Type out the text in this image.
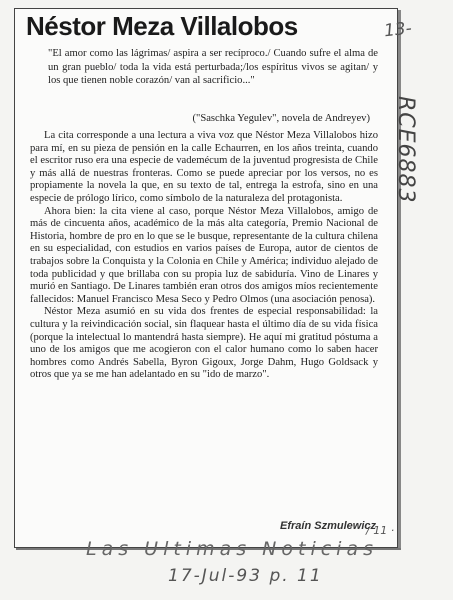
Néstor Meza Villalobos

"El amor como las lágrimas/ aspira a ser recíproco./ Cuando sufre el alma de un gran pueblo/ toda la vida está perturbada;/los espíritus vivos se agitan/ y los que tienen noble corazón/ van al sacrificio..."

("Saschka Yegulev", novela de Andreyev)

La cita corresponde a una lectura a viva voz que Néstor Meza Villalobos hizo para mí, en su pieza de pensión en la calle Echaurren, en los años treinta, cuando el escritor ruso era una especie de vademécum de la juventud progresista de Chile y más allá de nuestras fronteras. Como se puede apreciar por los versos, no es propiamente la novela la que, en su texto de tal, entrega la estrofa, sino en una especie de prólogo lírico, como símbolo de la naturaleza del protagonista.

Ahora bien: la cita viene al caso, porque Néstor Meza Villalobos, amigo de más de cincuenta años, académico de la más alta categoría, Premio Nacional de Historia, hombre de pro en lo que se le busque, representante de la cultura chilena en su especialidad, con estudios en varios países de Europa, autor de cientos de trabajos sobre la Conquista y la Colonia en Chile y América; individuo alejado de toda publicidad y que brillaba con su propia luz de sabiduría. Vino de Linares y murió en Santiago. De Linares también eran otros dos amigos míos recientemente fallecidos: Manuel Francisco Mesa Seco y Pedro Olmos (una asociación penosa).

Néstor Meza asumió en su vida dos frentes de especial responsabilidad: la cultura y la reivindicación social, sin flaquear hasta el último día de su vida física (porque la intelectual lo mantendrá hasta siempre). He aquí mi gratitud póstuma a uno de los amigos que me acogieron con el calor humano como lo saben hacer hombres como Andrés Sabella, Byron Gigoux, Jorge Dahm, Hugo Goldsack y otros que ya se me han adelantado en su "ido de marzo".

Efraín Szmulewicz

13-
RCE6883
/ 11 ·
Las Ultimas Noticias
17-Jul-93 p. 11
